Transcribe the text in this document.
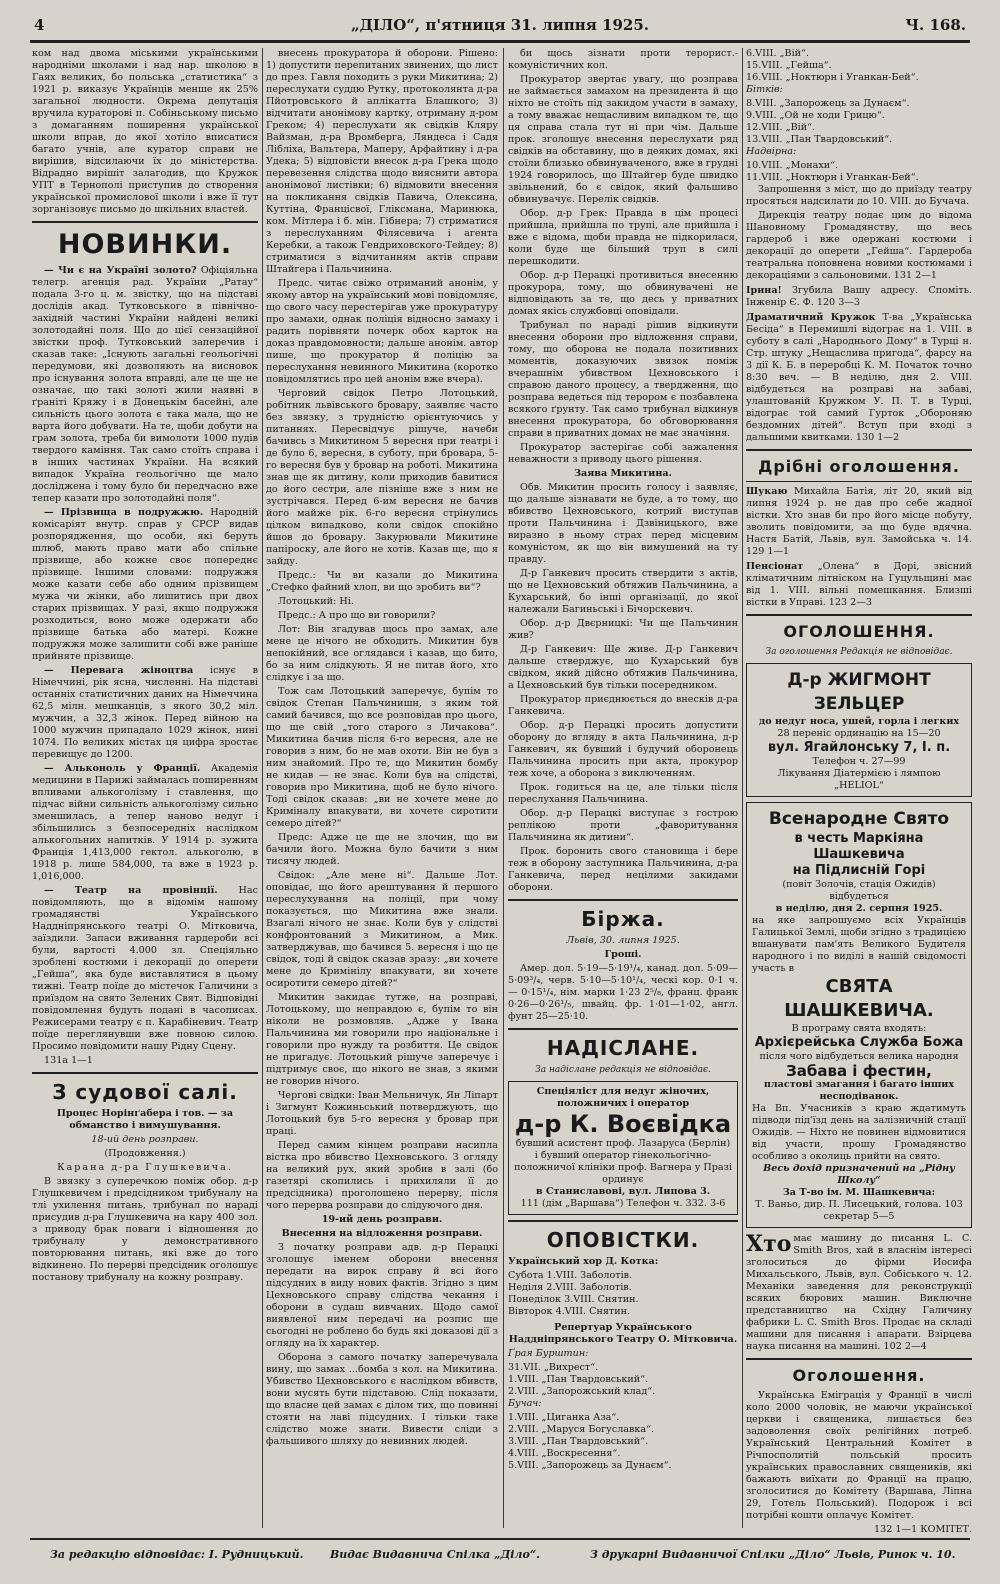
4	„ДІЛО“, п'ятниця 31. липня 1925.	Ч. 168.

ком над двома міськими українськими народніми школами і над нар. школою в Гаях великих, бо польська „статистика“ з 1921 р. виказує Українців менше як 25% загальної людности. Окрема депутація вручила кураторові п. Собіньському письмо з домаганням поширення української школи вправ, до якої хотіло вписатися багато учнів, але куратор справи не вирішив, відсилаючи їх до міністерства. Відрадно вирішіт залагодив, що Кружок УПТ в Тернополі приступив до створення української промислової школи і вже її тут зорганізовує письмо до шкільних властей.

НОВИНКИ.

— Чи є на Україні золото? Офіціяльна телегр. агенція рад. України „Ратау“ подала 3-го ц. м. звістку, що на підставі дослідів акад. Тутковського в північно-західній частині України найдені великі золотодайні поля. Що до цієї сензаційної звістки проф. Тутковський заперечив і сказав таке: „Існують загальні геольогічні передумови, які дозволяють на висновок про існування золота вправді, але це ще не означає, що такі золоті жили наявні в ґраніті Кряжу і в Донецькім басейні, але сильність цього золота є така мала, що не варта його добувати. На те, щоби добути на грам золота, треба би вимолоти 1000 пудів твердого каміння. Так само стоїть справа і в інших частинах України. На всякий випадок Україна геольогічно ще мало досліджена і тому було би передчасно вже тепер казати про золотодайні поля“.

— Прізвища в подружжю. Народній комісаріят внутр. справ у СРСР видав розпорядження, що особи, які беруть шлюб, мають право мати або спільне прізвище, або кожне своє попереднє прізвище. Іншими словами: подружжя може казати себе або одним прізвищем мужа чи жінки, або лишитись при двох старих прізвищах. У разі, якщо подружжя розходиться, воно може одержати або прізвище батька або матері. Кожне подружжя може залишити собі вже раніше прийняте прізвище.

— Перевага жіноцтва існує в Німеччині, рік ясна, численні. На підставі останніх статистичних даних на Німеччина 62,5 мілн. мешканців, з якого 30,2 міл. мужчин, а 32,3 жінок. Перед війною на 1000 мужчин припадало 1029 жінок, нині 1074. По великих містах ця цифра зростає перевищує до 1200.

— Альконоль у Франції. Академія медицини в Парижі займалась поширенням впливами алькоголізму і ставлення, що підчас війни сильність алькоголізму сильно зменшилась, а тепер наново недуг і збільшились з безпосередніх наслідком алькогольних напитків. У 1914 р. зужита Франція 1,413,000 гектол. алькоголю, в 1918 р. лише 584,000, та вже в 1923 р. 1,016,000.

— Театр на провінції. Нас повідомляють, що в відомім нашому громадянстві Українського Наддніпрянського театрі О. Мітковича, заїздили. Запаси вживання гардероби всі були, вартості 4.000 зл. Спеціяльно зроблені костюми і декорації до оперети „Гейша“, яка буде виставлятися в цьому тижні. Театр поїде до містечок Галичини з приїздом на свято Зелених Свят. Відповідні повідомлення будуть подані в часописах. Режисерами театру є п. Карабіневич. Театр поїде переглянувши вже повною силою. Просимо повідомити нашу Рідну Сцену.

131а 1—1

З судової салі.

Процес Норінґабера і тов. — за обманство і вимушування.

18-ий день розправи.

(Продовження.)

Карана д-ра Глушкевича.

В звязку з суперечкою поміж обор. д-р Глушкевичем і предсідником трибуналу на тлі ухилення питань, трибунал по нараді присудив д-ра Глушкевича на кару 400 зол. з приводу брак поваги і відношення до трибуналу у демонстративного повторювання питань, які вже до того відкинено. По перерві предсідник оголошує постанову трибуналу на кожну розправу.

внесень прокуратора й оборони. Рішено: 1) допустити перепитаних звинених, що лист до през. Гавля походить з руки Микитина; 2) переслухати суддю Рутку, протоколянта д-ра Пйотровського й аплікатта Блашкого; 3) відчитати анонімову картку, отриману д-ром Греком; 4) переслухати як свідків Кляру Вайзман, д-ра Вромберга, Ляндеса і Садя Лібліха, Вальтера, Маперу, Арфайтину і д-ра Удека; 5) відповісти внесок д-ра Грека щодо перевезення слідства щодо вияснити автора анонімової листівки; 6) відмовити внесення на покликання свідків Павича, Олексина, Куттіна, Францісвої, Гліксмана, Маринюка, ком. Мітлера і б. мін. Гібнера; 7) стриматися з переслуханням Філясевича і агента Керебки, а також Гендриховского-Тейдеу; 8) стриматися з відчитанням актів справи Штайгера і Пальчинина.

Предс. читає свіжо отриманий анонім, у якому автор на український мові повідомляє, що свого часу перестерігав уже прокуратуру про замахи, однак поліція відносно замаху і радить порівняти почерк обох карток на доказ правдомовности; дальше анонім. автор пише, що прокуратор й поліцію за переслухання невинного Микитина (коротко повідомлятись про цей анонім вже вчера).

Черговий свідок Петро Лотоцький, робітник львівського бровару, заявляє часто без звязку, з трудністю орієнтуючись у питаннях. Пересвідчує рішуче, начеби бачивсь з Микитином 5 вересня при театрі і де було 6, вересня, в суботу, при бровара, 5-го вересня був у бровар на роботі. Микитина знав ще як дитину, коли приходив бавитися до його сестри, але пізніше вже з ним не зустрічався. Перед 6-им вересня не бачив його майже рік. 6-го вересня стрінулись цілком випадково, коли свідок спокійно йшов до бровару. Закурювали Микитине папіроску, але його не хотів. Казав ще, що я зайду.

Предс.: Чи ви казали до Микитина „Стефко файний хлоп, ви що зробить ви“?

Лотоцький: Ні.

Предс.: А про що ви говорили?

Лот: Він згадував щось про замах, але мене це нічого не обходить. Микитин був непокійний, все оглядався і казав, що бито, бо за ним слідкують. Я не питав його, хто слідкує і за що.

Тож сам Лотоцький заперечує, бупім то свідок Степан Пальчинишн, з яким той самий бачився, що все розповідав про цього, що ще свій „того старого з Личакова“. Микитина бачив після 6-го вересня, але не говорив з ним, бо не мав охоти. Він не був з ним знайомий. Про те, що Микитин бомбу не кидав — не знає. Коли був на слідстві, говорив про Микитина, щоб не було нічого. Тоді свідок сказав: „ви не хочете мене до Криміналу впакувати, ви хочете сиротити семеро дітей?“

Предс: Адже це ще не злочин, що ви бачили його. Можна було бачити з ним тисячу людей.

Свідок: „Але мене ні“. Дальше Лот. оповідає, що його арештування й першого переслухування на поліції, при чому показується, що Микитина вже знали. Взагалі нічого не знає. Коли був у слідстві конфронтований з Микитином, а Мик. затверджував, що бачився 5. вересня і що це свідок, тоді й свідок сказав зразу: „ви хочете мене до Кримінілу впакувати, ви хочете осиротити семеро дітей?“

Микитин закидає тутже, на розправі, Лотоцькому, що неправдою є, бупім то він ніколи не розмовляв. „Адже у Івана Пальчинина ми говорили про національне і говорили про нужду та розбиття. Це свідок не пригадує. Лотоцький рішуче заперечує і підтримує своє, що нікого не знав, з якими не говорив нічого.

Чергові свідки: Іван Мельничук, Ян Ліпарт і Зигмунт Кожиньський потверджують, що Лотоцький був 5-го вересня у бровар при праці.

Перед самим кінцем розправи насипла вістка про вбивство Цехновського. З огляду на великий рух, який зробив в залі (бо газетярі скопились і прихиляли її до предсідника) проголошено перерву, після чого перерва розправи до слідуючого дня.

19-ий день розправи.

Внесення на відложення розправи.

З початку розправи адв. д-р Перацкі зголошує іменем оборони внесення передати на вирок справу й всі його підсудних в виду нових фактів. Згідно з цим Цехновського справу слідства чекання і оборони в судаш вивчаних. Щодо самої виявленої ним передачі на розпис ще сьогодні не роблено бо будь які доказові дії з огляду на їх характер.

Оборона з самого початку заперечувала вину, що замах ...бомба з кол. на Микитина. Убивство Цехновського є наслідком вбивств, вони мусять бути підставою. Слід показати, що власне цей замах є ділом тих, що повинні стояти на лаві підсудних. І тільки таке слідство може знати. Вивести сліди з фальшивого шляху до невинних людей.

би щось зізнати проти терорист.-комуністичних кол.

Прокуратор звертає увагу, що розправа не займається замахом на президента й що ніхто не стоїть під закидом участи в замаху, а тому вважає нещасливим випадком те, що ця справа стала тут ні при чім. Дальше прок. зголошує внесення переслухати ряд свідків на обставину, що в деяких домах, які стоїли близько обвинуваченого, вже в грудні 1924 говорилось, що Штайгер буде швидко звільнений, бо є свідок, який фальшиво обвинувачує. Перелік свідків.

Обор. д-р Грек: Правда в цім процесі прийшла, прийшла по трупі, але прийшла і вже є відома, щоби правда не підкорилася, коли буде ще більший труп в силі перешкодити.

Обор. д-р Перацкі противиться внесенню прокурора, тому, що обвинувачені не відповідають за те, що десь у приватних домах якісь службовці оповідали.

Трибунал по нараді рішив відкинути внесення оборони про відложення справи, тому, що оборона не подала позитивних моментів, доказуючих звязок поміж вчерашнім убивством Цехновського і справою даного процесу, а твердження, що розправа ведеться під терором є позбавлена всякого ґрунту. Так само трибунал відкинув внесення прокуратора, бо обговорювання справи в приватних домах не має значіння.

Прокуратор застерігає собі зажалення неважности з приводу цього рішення.

Заява Микитина.

Обв. Микитин просить голосу і заявляє, що дальше зізнавати не буде, а то тому, що вбивство Цехновського, котрий виступав проти Пальчинина і Дзвіницького, вже виразно в ньому страх перед місцевим комуністом, як що він вимушений на ту правду.

Д-р Ганкевич просить ствердити з актів, що не Цехновський обтяжив Пальчинина, а Кухарський, бо інші організації, до якої належали Багиньські і Бічорскевич.

Обор. д-р Двєрницкі: Чи ще Пальчинин жив?

Д-р Ганкевич: Ще живе. Д-р Ганкевич дальше стверджує, що Кухарський був свідком, який дійсно обтяжив Пальчинина, а Цехновський був тільки посередником.

Прокуратор приєднюється до внесків д-ра Ганкевича.

Обор. д-р Перацкі просить допустити оборону до вгляду в акта Пальчинина, д-р Ганкевич, як бувший і будучий оборонець Пальчинина просить при акта, прокурор теж хоче, а оборона з виключенням.

Прок. годиться на це, але тільки після переслухання Пальчинина.

Обор. д-р Перацкі виступає з гострою реплікою проти „фаворитування Пальчинина як дитини“.

Прок. боронить свого становища і бере теж в оборону заступника Пальчинина, д-ра Ганкевича, перед нецілими закидами оборони.

Біржа.

Львів, 30. липня 1925.

Гроші.

Амер. дол. 5·19—5·19¹/₄, канад. дол. 5·09—5·09³/₄, черв. 5·10—5·10¹/₄, ческі кор. 0·1 ч. — 0·15¹/₄, нім. марки 1·23 2⁵/₈, франц. франк 0·26—0·26¹/₅, швайц. фр. 1·01—1·02, англ. фунт 25—25·10.

НАДІСЛАНЕ.
За надіслане редакція не відповідає.
Спеціяліст для недуг жіночих, положничих і оператор
д-р К. Воєвідка
бувший асистент проф. Лазаруса (Берлін) і бувший оператор гінекольогічно-положничої клініки проф. Вагнера у Празі ординує
в Станиславові, вул. Липова 3.
111 (дім „Варшава“) Телефон ч. 332. 3-6
ОПОВІСТКИ.

Український хор Д. Котка:

Субота 1.VIII. Заболотів.

Неділя 2.VIII. Заболотів.

Понеділок 3.VIII. Снятин.

Вівторок 4.VIII. Снятин.

Репертуар Українського Наддніпрянського Театру О. Мітковича.

Ґрая Бурштин:

31.VII. „Вихрест“.

1.VIII. „Пан Твардовський“.

2.VIII. „Запорожський клад“.

Бучач:

1.VIII. „Циганка Аза“.

2.VIII. „Маруся Богуславка“.

3.VIII. „Пан Твардовський“.

4.VIII. „Воскресення“.

5.VIII. „Запорожець за Дунаєм“.

6.VIII. „Вій“.

15.VIII. „Гейша“.

16.VIII. „Ноктюрн і Уганкан-Бей“.

Бітків:

8.VIII. „Запорожець за Дунаєм“.

9.VIII. „Ой не ходи Грицю“.

12.VIII. „Вій“.

13.VIII. „Пан Твардовський“.

Надвірна:

10.VIII. „Монахи“.

11.VIII. „Ноктюрн і Уганкан-Бей“.

Запрошення з міст, що до приїзду театру просяться надсилати до 10. VIII. до Бучача.

Дирекція театру подає цим до відома Шановному Громадянству, що весь гардероб і вже одержані костюми і декорації до оперети „Гейша“. Гардероба театральна поповнена новими костюмами і декораціями з сальоновими. 131 2—1

Ірина! Згубила Вашу адресу. Споміть. Інженір Є. Ф. 120 3—3

Драматичний Кружок Т-ва „Українська Бесіда“ в Перемишлі відограє на 1. VIII. в суботу в салі „Народнього Дому“ в Турці н. Стр. штуку „Нещаслива пригода“, фарсу на 3 дії К. Б. в переробці К. М. Початок точно 8:30 веч. — В неділю, дня 2. VIII. відбудеться на розправі на забаві, улаштованій Кружком У. П. Т. в Турці, відограє той самий Гурток „Обороняю бездомних дітей“. Вступ при вході з дальшими квитками. 130 1—2

Дрібні оголошення.

Шукаю Михайла Батія, літ 20, який від липня 1924 р. не дав про себе жадної вістки. Хто знав би про його місце побуту, зволить повідомити, за що буде вдячна. Настя Батій, Львів, вул. Замойська ч. 14. 129 1—1

Пенсіонат „Олена“ в Дорі, звісний кліматичним літніском на Гуцульщині має від 1. VIII. вільні помешкання. Близші вістки в Управі. 123 2—3

ОГОЛОШЕННЯ.
За оголошення Редакція не відповідає.
Д-р ЖИГМОНТ ЗЕЛЬЦЕР
до недуг носа, ушей, горла і легких
28 переніс ординацію на 15—20
вул. Ягайлонську 7, І. п.
Телефон ч. 27—99
Лікування Діатермією і лямпою „HELIOL“
Всенародне Свято
в честь Маркіяна Шашкевича
на Підлисній Горі
(повіт Золочів, стація Ожидів)
відбудеться
в неділю, дня 2. серпня 1925.
на яке запрошуємо всіх Українців Галицької Землі, щоби згідно з традицією вшанувати пам'ять Великого Будителя народного і по виділі в нашій свідомості участь в
СВЯТА ШАШКЕВИЧА.
В програму свята входять:
Архієрейська Служба Божа
після чого відбудеться велика народня
Забава і фестин,
пластові змагання і багато інших несподіванок.
На Вп. Учасників з краю ждатимуть підводи під'їзд день на залізничній стації Ожидів. — Ніхто не повинен відмовитися від участи, прошу Громадянство особливо з околиць прийти на свято.
Весь дохід призначений на „Рідну Школу“
За Т-во ім. М. Шашкевича:
Т. Ваньо, дир. П. Лисецький, голова. 103 секретар 5—5

Хто має машину до писання L. C. Smith Bros, хай в власнім інтересі зголоситься до фірми Иосифа Михальського, Львів, вул. Собіського ч. 12. Механіки заведення для реконструкції всяких бюрових машин. Виключне представництво на Східну Галичину фабрики L. C. Smith Bros. Продає на складі машини для писання і апарати. Взірцева наука писання на машині. 102 2—4

Оголошення.

Українська Еміграція у Франції в числі коло 2000 чоловік, не маючи української церкви і священика, лишається без задоволення своїх релігійних потреб. Український Центральний Комітет в Річпосполитій польській просить українських православних священиків, які бажають виїхати до Франції на працю, зголоситися до Комітету (Варшава, Ліпна 29, Готель Польський). Подорож і всі потрібні кошти оплачує Комітет.

132 1—1 КОМІТЕТ.

За редакцію відповідає: І. Рудницький. Видає Видавнича Спілка „Діло“.	З друкарні Видавничої Спілки „Діло“ Львів, Ринок ч. 10.
